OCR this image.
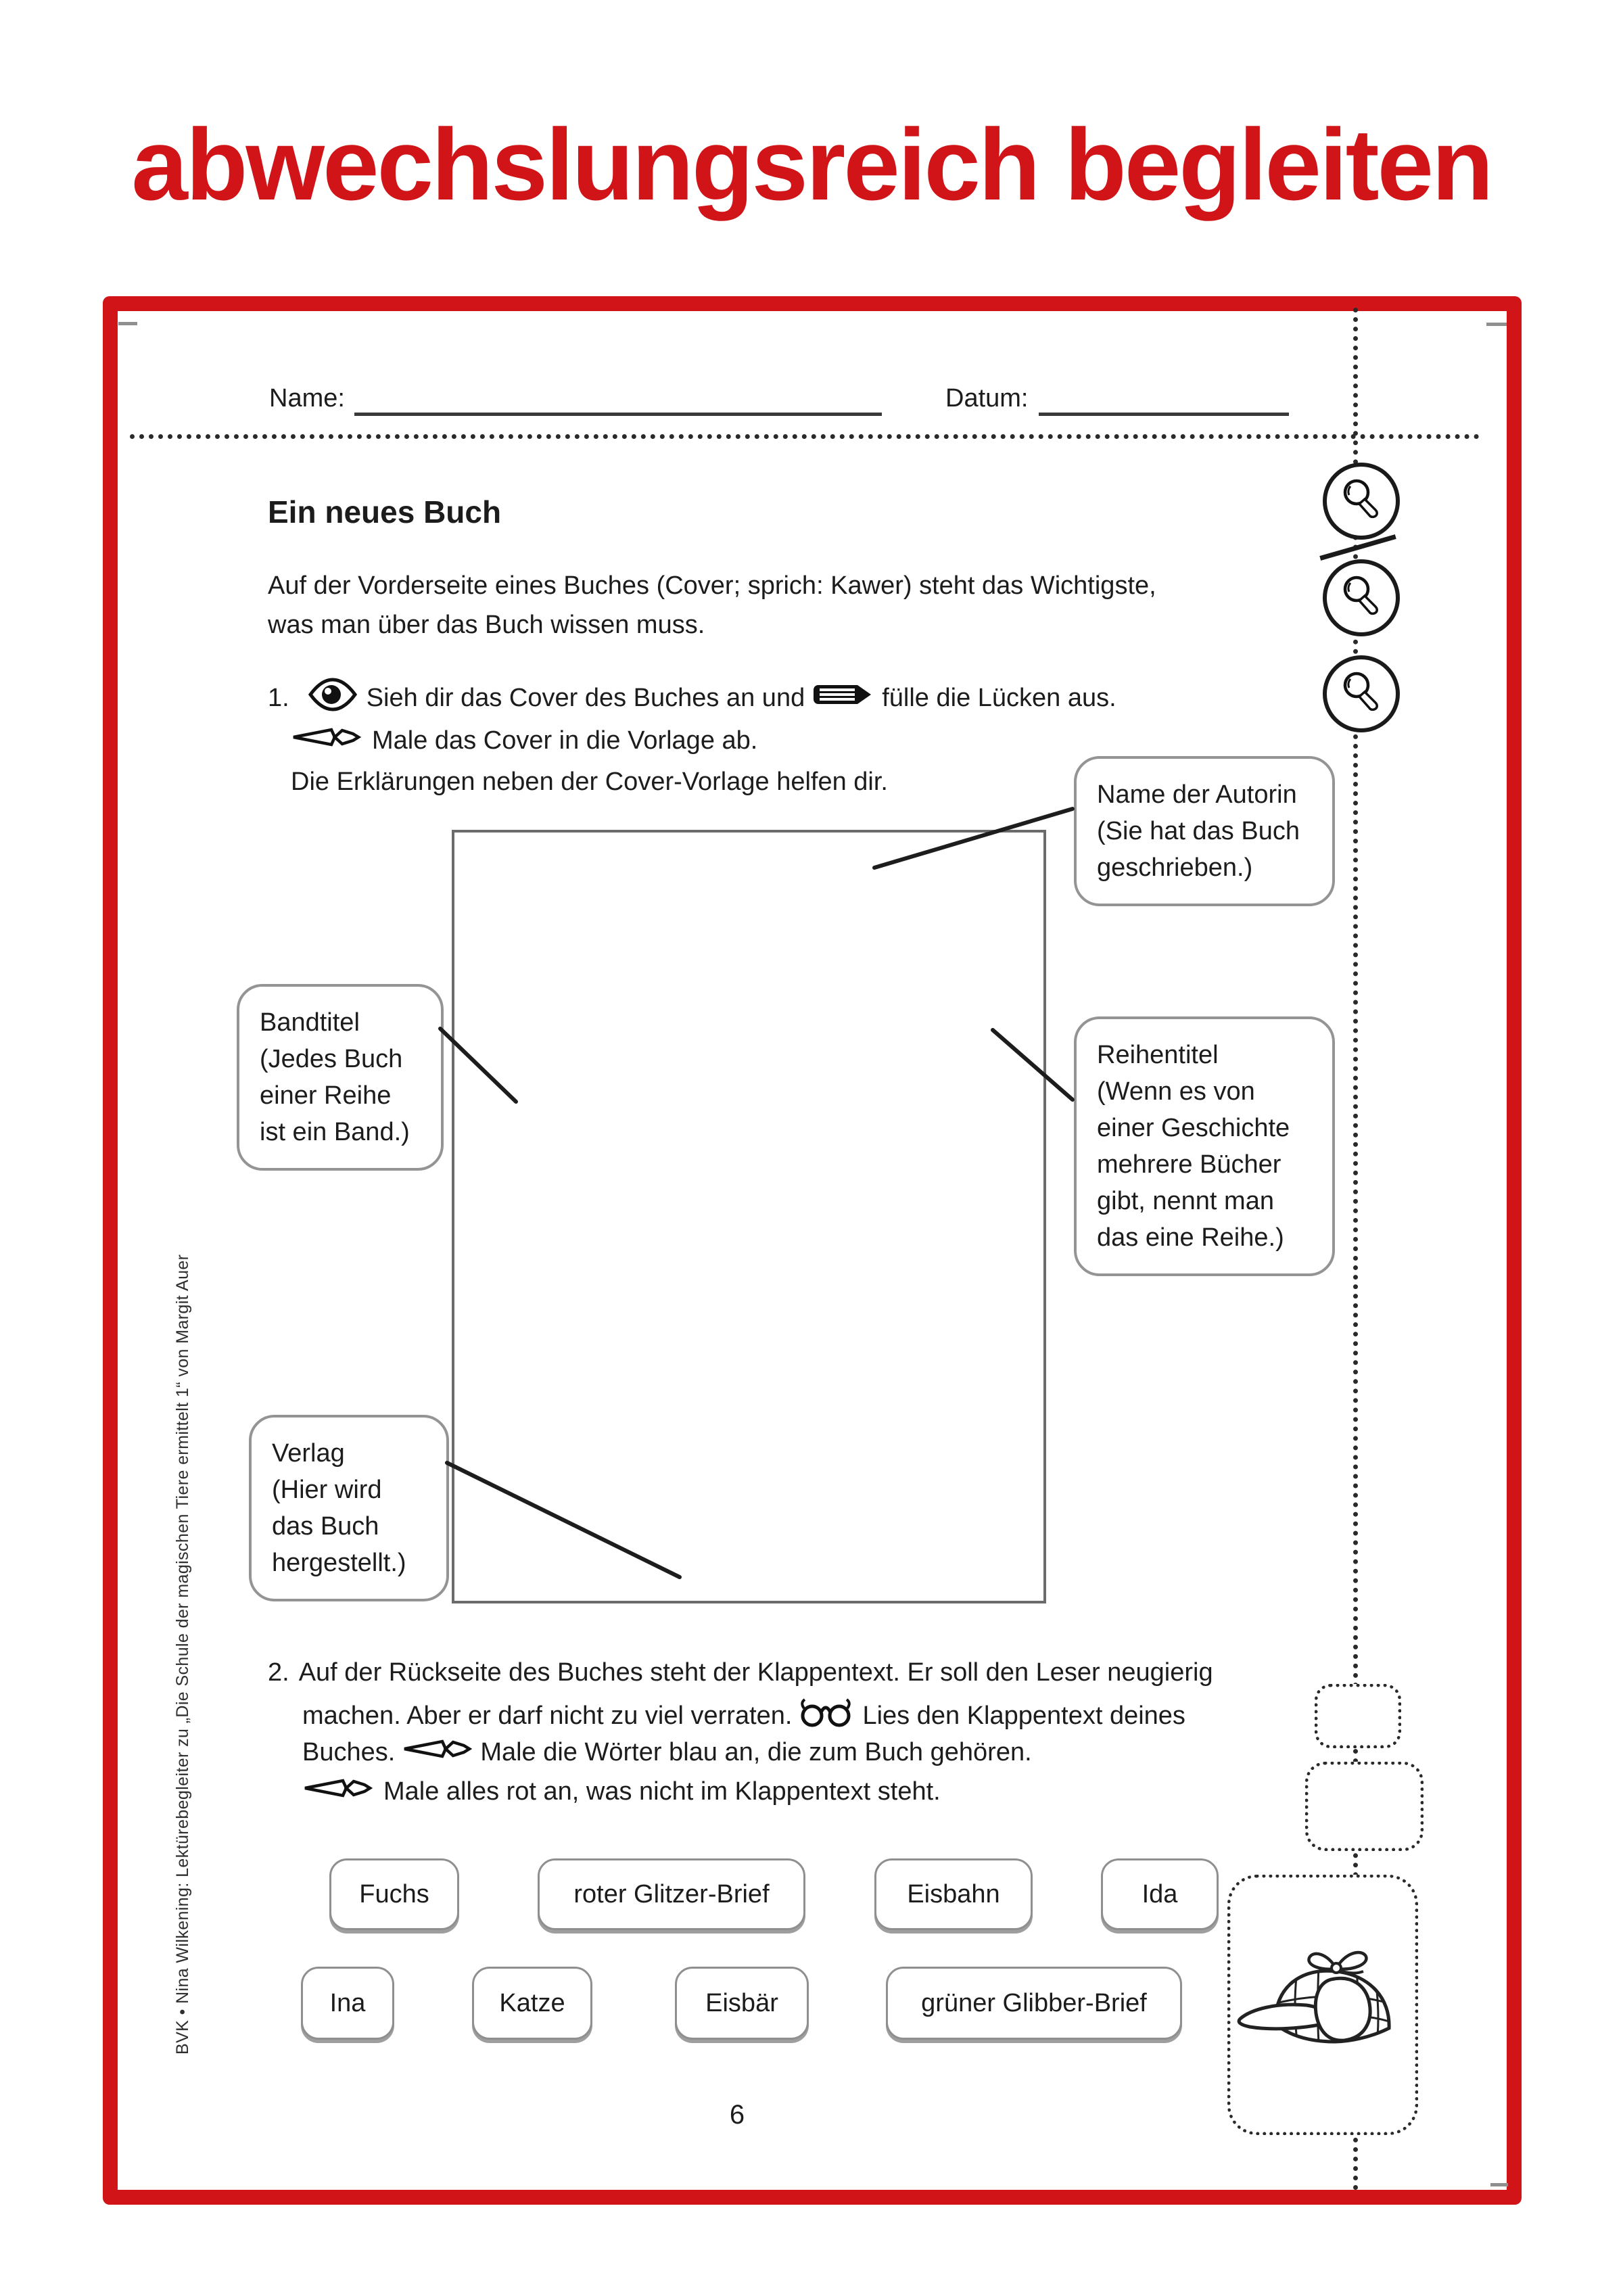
abwechslungsreich begleiten
Name:	Datum:
Ein neues Buch
Auf der Vorderseite eines Buches (Cover; sprich: Kawer) steht das Wichtigste,
was man über das Buch wissen muss.
1.	Sieh dir das Cover des Buches an und	fülle die Lücken aus.
Male das Cover in die Vorlage ab.
Die Erklärungen neben der Cover-Vorlage helfen dir.	Name der Autorin
(Sie hat das Buch
geschrieben.)
Bandtitel
(Jedes Buch
einer Reihe
ist ein Band.)
Reihentitel
(Wenn es von
einer Geschichte
mehrere Bücher
gibt, nennt man
das eine Reihe.)
Verlag
(Hier wird
das Buch
hergestellt.)
2. Auf der Rückseite des Buches steht der Klappentext. Er soll den Leser neugierig
machen. Aber er darf nicht zu viel verraten.	Lies den Klappentext deines
Buches.	Male die Wörter blau an, die zum Buch gehören.
Male alles rot an, was nicht im Klappentext steht.
Fuchs	roter Glitzer-Brief	Eisbahn	Ida
Ina	Katze	Eisbär	grüner Glibber-Brief
6
BVK • Nina Wilkening: Lektürebegleiter zu „Die Schule der magischen Tiere ermittelt 1“ von Margit Auer
